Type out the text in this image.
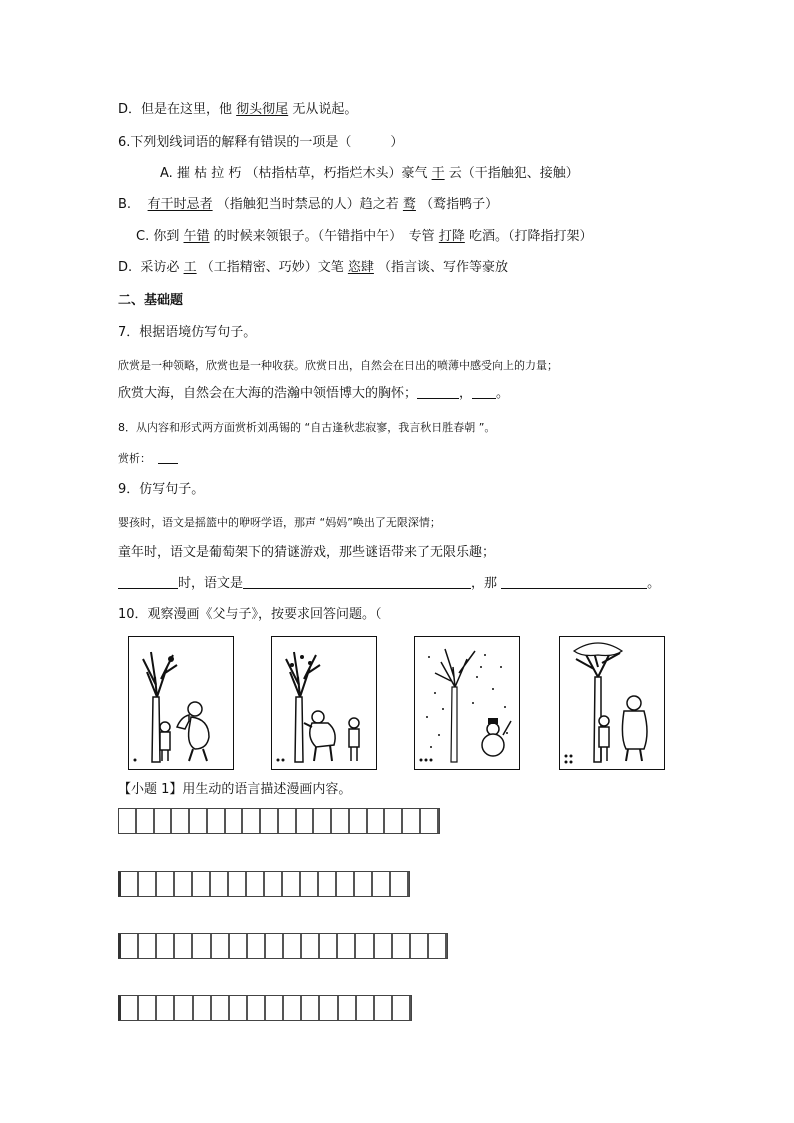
D．但是在这里，他 彻头彻尾 无从说起。
6.下列划线词语的解释有错误的一项是（　　　）
A. 摧 枯 拉 朽 （枯指枯草，朽指烂木头）豪气 干 云（干指触犯、接触）
B. 有干时忌者 （指触犯当时禁忌的人）趋之若 鹜 （鹜指鸭子）
C. 你到 午错 的时候来领银子。（午错指中午）　专管 打降 吃酒。（打降指打架）
D. 采访必 工 （工指精密、巧妙）文笔 恣肆 （指言谈、写作等豪放
二、基础题
7．根据语境仿写句子。
欣赏是一种领略，欣赏也是一种收获。欣赏日出，自然会在日出的喷薄中感受向上的力量；
欣赏大海，自然会在大海的浩瀚中领悟博大的胸怀；	， 。
8．从内容和形式两方面赏析刘禹锡的 “自古逢秋悲寂寥，我言秋日胜春朝 ”。
赏析：
9．仿写句子。
婴孩时，语文是摇篮中的咿呀学语，那声 “妈妈”唤出了无限深情；
童年时，语文是葡萄架下的猜谜游戏，那些谜语带来了无限乐趣；
时，语文是	，那	。
10．观察漫画《父与子》，按要求回答问题。（
【小题 1】用生动的语言描述漫画内容。
